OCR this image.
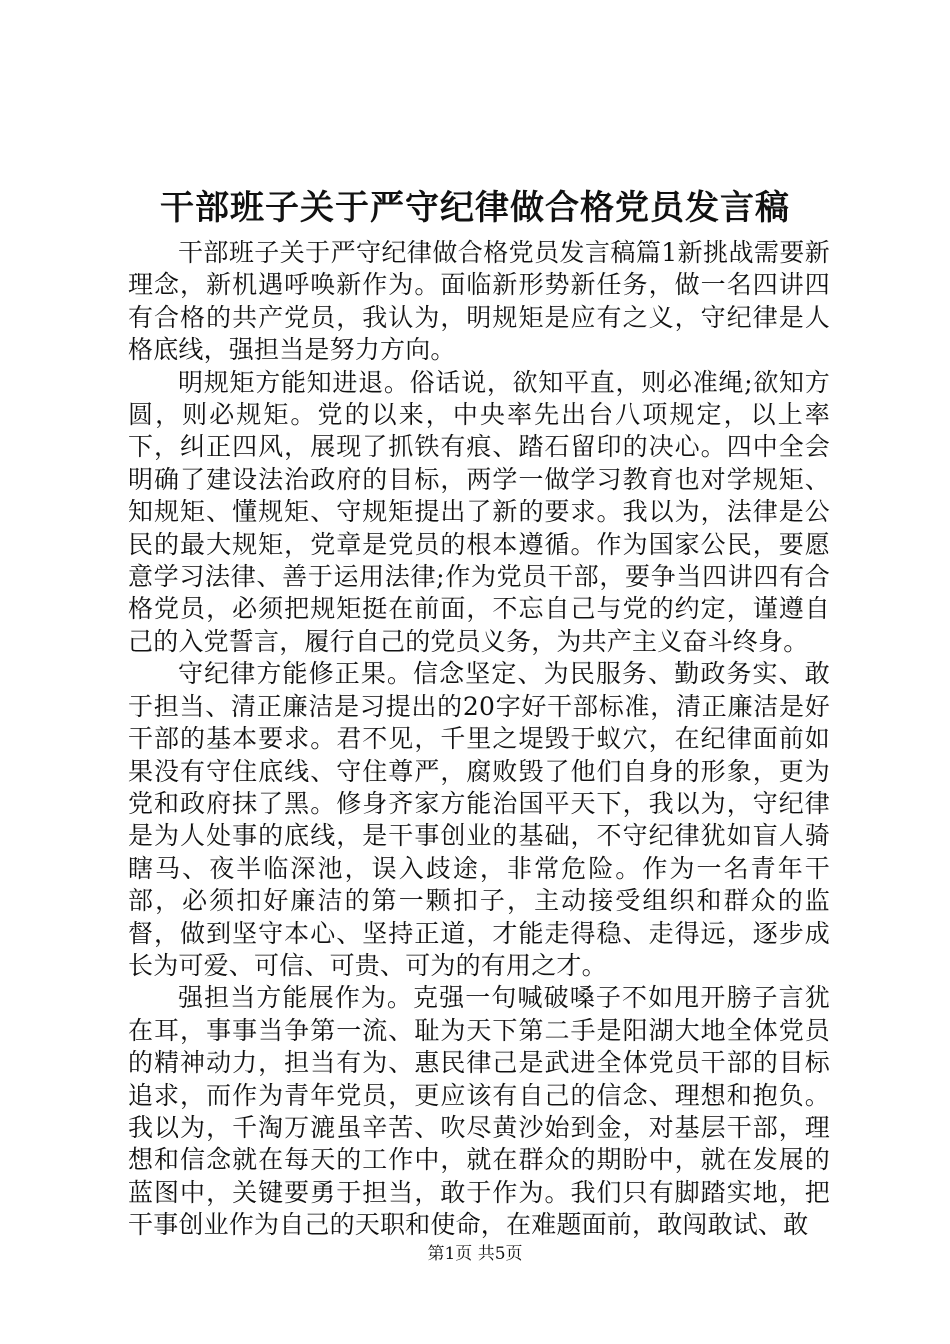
干部班子关于严守纪律做合格党员发言稿

干部班子关于严守纪律做合格党员发言稿篇1新挑战需要新理念，新机遇呼唤新作为。面临新形势新任务，做一名四讲四有合格的共产党员，我认为，明规矩是应有之义，守纪律是人格底线，强担当是努力方向。

明规矩方能知进退。俗话说，欲知平直，则必准绳;欲知方圆，则必规矩。党的以来，中央率先出台八项规定，以上率下，纠正四风，展现了抓铁有痕、踏石留印的决心。四中全会明确了建设法治政府的目标，两学一做学习教育也对学规矩、知规矩、懂规矩、守规矩提出了新的要求。我以为，法律是公民的最大规矩，党章是党员的根本遵循。作为国家公民，要愿意学习法律、善于运用法律;作为党员干部，要争当四讲四有合格党员，必须把规矩挺在前面，不忘自己与党的约定，谨遵自己的入党誓言，履行自己的党员义务，为共产主义奋斗终身。

守纪律方能修正果。信念坚定、为民服务、勤政务实、敢于担当、清正廉洁是习提出的20字好干部标准，清正廉洁是好干部的基本要求。君不见，千里之堤毁于蚁穴，在纪律面前如果没有守住底线、守住尊严，腐败毁了他们自身的形象，更为党和政府抹了黑。修身齐家方能治国平天下，我以为，守纪律是为人处事的底线，是干事创业的基础，不守纪律犹如盲人骑瞎马、夜半临深池，误入歧途，非常危险。作为一名青年干部，必须扣好廉洁的第一颗扣子，主动接受组织和群众的监督，做到坚守本心、坚持正道，才能走得稳、走得远，逐步成长为可爱、可信、可贵、可为的有用之才。

强担当方能展作为。克强一句喊破嗓子不如甩开膀子言犹在耳，事事当争第一流、耻为天下第二手是阳湖大地全体党员的精神动力，担当有为、惠民律己是武进全体党员干部的目标追求，而作为青年党员，更应该有自己的信念、理想和抱负。我以为，千淘万漉虽辛苦、吹尽黄沙始到金，对基层干部，理想和信念就在每天的工作中，就在群众的期盼中，就在发展的蓝图中，关键要勇于担当，敢于作为。我们只有脚踏实地，把干事创业作为自己的天职和使命，在难题面前，敢闯敢试、敢

第1页 共5页
